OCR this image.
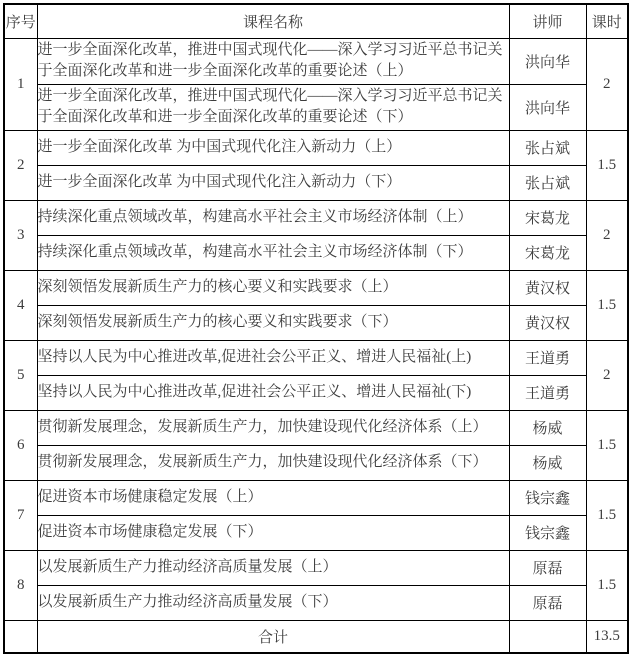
序号	课程名称	讲师	课时
1	进一步全面深化改革，推进中国式现代化——深入学习习近平总书记关于全面深化改革和进一步全面深化改革的重要论述（上）	洪向华	2
	进一步全面深化改革，推进中国式现代化——深入学习习近平总书记关于全面深化改革和进一步全面深化改革的重要论述（下）	洪向华	
2	进一步全面深化改革 为中国式现代化注入新动力（上）	张占斌	1.5
	进一步全面深化改革 为中国式现代化注入新动力（下）	张占斌	
3	持续深化重点领域改革，构建高水平社会主义市场经济体制（上）	宋葛龙	2
	持续深化重点领域改革，构建高水平社会主义市场经济体制（下）	宋葛龙	
4	深刻领悟发展新质生产力的核心要义和实践要求（上）	黄汉权	1.5
	深刻领悟发展新质生产力的核心要义和实践要求（下）	黄汉权	
5	坚持以人民为中心推进改革,促进社会公平正义、增进人民福祉(上)	王道勇	2
	坚持以人民为中心推进改革,促进社会公平正义、增进人民福祉(下)	王道勇	
6	贯彻新发展理念，发展新质生产力，加快建设现代化经济体系（上）	杨威	1.5
	贯彻新发展理念，发展新质生产力，加快建设现代化经济体系（下）	杨威	
7	促进资本市场健康稳定发展（上）	钱宗鑫	1.5
	促进资本市场健康稳定发展（下）	钱宗鑫	
8	以发展新质生产力推动经济高质量发展（上）	原磊	1.5
	以发展新质生产力推动经济高质量发展（下）	原磊	
	合计		13.5
